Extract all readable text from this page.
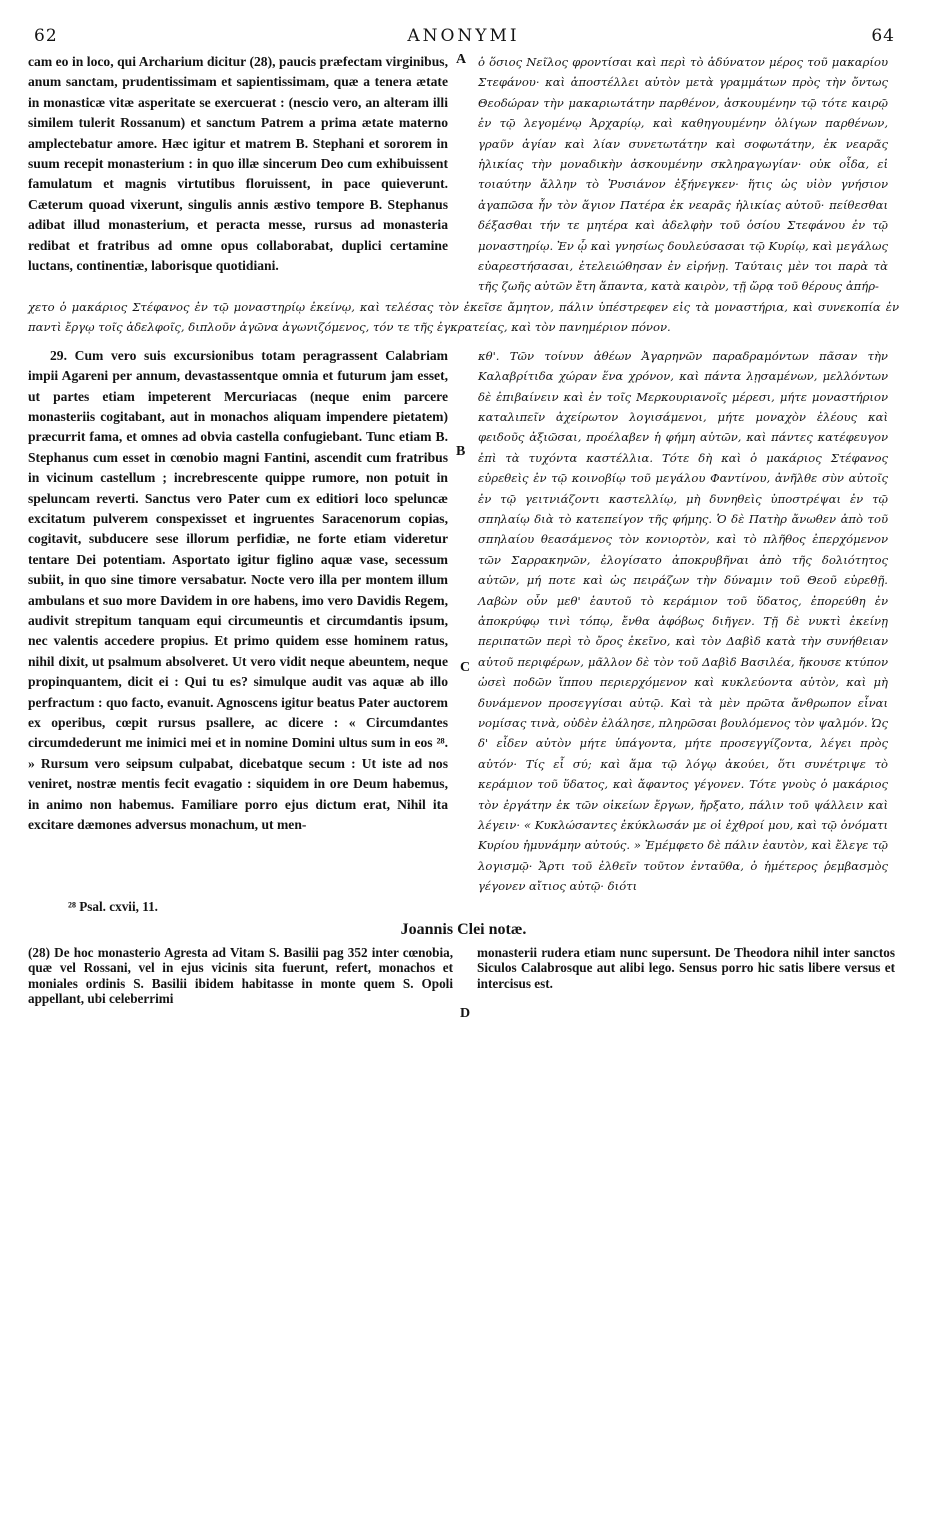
62	ANONYMI	64

cam eo in loco, qui Archarium dicitur (28), paucis præfectam virginibus, anum sanctam, prudentissimam et sapientissimam, quæ a tenera ætate in monasticæ vitæ asperitate se exercuerat : (nescio vero, an alteram illi similem tulerit Rossanum) et sanctum Patrem a prima ætate materno amplectebatur amore. Hæc igitur et matrem B. Stephani et sororem in suum recepit monasterium : in quo illæ sincerum Deo cum exhibuissent famulatum et magnis virtutibus floruissent, in pace quieverunt. Cæterum quoad vixerunt, singulis annis æstivo tempore B. Stephanus adibat illud monasterium, et peracta messe, rursus ad monasteria redibat et fratribus ad omne opus collaborabat, duplici certamine luctans, continentiæ, laborisque quotidiani.

A
B

ὁ ὅσιος Νεῖλος φροντίσαι καὶ περὶ τὸ ἀδύνατον μέρος τοῦ μακαρίου Στεφάνου· καὶ ἀποστέλλει αὐτὸν μετὰ γραμμάτων πρὸς τὴν ὄντως Θεοδώραν τὴν μακαριωτάτην παρθένον, ἀσκουμένην τῷ τότε καιρῷ ἐν τῷ λεγομένῳ Ἀρχαρίῳ, καὶ καθηγουμένην ὀλίγων παρθένων, γραῦν ἁγίαν καὶ λίαν συνετωτάτην καὶ σοφωτάτην, ἐκ νεαρᾶς ἡλικίας τὴν μοναδικὴν ἀσκουμένην σκληραγωγίαν· οὐκ οἶδα, εἰ τοιαύτην ἄλλην τὸ Ῥυσιάνον ἐξήνεγκεν· ἥτις ὡς υἱὸν γνήσιον ἀγαπῶσα ἦν τὸν ἅγιον Πατέρα ἐκ νεαρᾶς ἡλικίας αὐτοῦ· πείθεσθαι δέξασθαι τήν τε μητέρα καὶ ἀδελφὴν τοῦ ὁσίου Στεφάνου ἐν τῷ μοναστηρίῳ. Ἐν ᾧ καὶ γνησίως δουλεύσασαι τῷ Κυρίῳ, καὶ μεγάλως εὐαρεστήσασαι, ἐτελειώθησαν ἐν εἰρήνῃ. Ταύταις μὲν τοι παρὰ τὰ τῆς ζωῆς αὐτῶν ἔτη ἅπαντα, κατὰ καιρὸν, τῇ ὥρᾳ τοῦ θέρους ἀπήρ-

χετο ὁ μακάριος Στέφανος ἐν τῷ μοναστηρίῳ ἐκείνῳ, καὶ τελέσας τὸν ἐκεῖσε ἄμητον, πάλιν ὑπέστρεφεν εἰς τὰ μοναστήρια, καὶ συνεκοπία ἐν παντὶ ἔργῳ τοῖς ἀδελφοῖς, διπλοῦν ἀγῶνα ἀγωνιζόμενος, τόν τε τῆς ἐγκρατείας, καὶ τὸν πανημέριον πόνον.

29. Cum vero suis excursionibus totam peragrassent Calabriam impii Agareni per annum, devastassentque omnia et futurum jam esset, ut partes etiam impeterent Mercuriacas (neque enim parcere monasteriis cogitabant, aut in monachos aliquam impendere pietatem) præcurrit fama, et omnes ad obvia castella confugiebant. Tunc etiam B. Stephanus cum esset in cœnobio magni Fantini, ascendit cum fratribus in vicinum castellum ; increbrescente quippe rumore, non potuit in speluncam reverti. Sanctus vero Pater cum ex editiori loco speluncæ excitatum pulverem conspexisset et ingruentes Saracenorum copias, cogitavit, subducere sese illorum perfidiæ, ne forte etiam videretur tentare Dei potentiam. Asportato igitur figlino aquæ vase, secessum subiit, in quo sine timore versabatur. Nocte vero illa per montem illum ambulans et suo more Davidem in ore habens, imo vero Davidis Regem, audivit strepitum tanquam equi circumeuntis et circumdantis ipsum, nec valentis accedere propius. Et primo quidem esse hominem ratus, nihil dixit, ut psalmum absolveret. Ut vero vidit neque abeuntem, neque propinquantem, dicit ei : Qui tu es? simulque audit vas aquæ ab illo perfractum : quo facto, evanuit. Agnoscens igitur beatus Pater auctorem ex operibus, cœpit rursus psallere, ac dicere : « Circumdantes circumdederunt me inimici mei et in nomine Domini ultus sum in eos ²⁸. » Rursum vero seipsum culpabat, dicebatque secum : Ut iste ad nos veniret, nostræ mentis fecit evagatio : siquidem in ore Deum habemus, in animo non habemus. Familiare porro ejus dictum erat, Nihil ita excitare dæmones adversus monachum, ut men-

C
D

κθ'. Τῶν τοίνυν ἀθέων Ἀγαρηνῶν παραδραμόντων πᾶσαν τὴν Καλαβρίτιδα χώραν ἕνα χρόνον, καὶ πάντα λῃσαμένων, μελλόντων δὲ ἐπιβαίνειν καὶ ἐν τοῖς Μερκουριανοῖς μέρεσι, μήτε μοναστήριον καταλιπεῖν ἀχείρωτον λογισάμενοι, μήτε μοναχὸν ἐλέους καὶ φειδοῦς ἀξιῶσαι, προέλαβεν ἡ φήμη αὐτῶν, καὶ πάντες κατέφευγον ἐπὶ τὰ τυχόντα καστέλλια. Τότε δὴ καὶ ὁ μακάριος Στέφανος εὑρεθεὶς ἐν τῷ κοινοβίῳ τοῦ μεγάλου Φαντίνου, ἀνῆλθε σὺν αὐτοῖς ἐν τῷ γειτνιάζοντι καστελλίῳ, μὴ δυνηθεὶς ὑποστρέψαι ἐν τῷ σπηλαίῳ διὰ τὸ κατεπείγον τῆς φήμης. Ὁ δὲ Πατὴρ ἄνωθεν ἀπὸ τοῦ σπηλαίου θεασάμενος τὸν κονιορτὸν, καὶ τὸ πλῆθος ἐπερχόμενον τῶν Σαρρακηνῶν, ἐλογίσατο ἀποκρυβῆναι ἀπὸ τῆς δολιότητος αὐτῶν, μή ποτε καὶ ὡς πειράζων τὴν δύναμιν τοῦ Θεοῦ εὑρεθῇ. Λαβὼν οὖν μεθ' ἑαυτοῦ τὸ κεράμιον τοῦ ὕδατος, ἐπορεύθη ἐν ἀποκρύφῳ τινὶ τόπῳ, ἔνθα ἀφόβως διῆγεν. Τῇ δὲ νυκτὶ ἐκείνῃ περιπατῶν περὶ τὸ ὄρος ἐκεῖνο, καὶ τὸν Δαβὶδ κατὰ τὴν συνήθειαν αὐτοῦ περιφέρων, μᾶλλον δὲ τὸν τοῦ Δαβὶδ Βασιλέα, ἤκουσε κτύπον ὡσεὶ ποδῶν ἵππου περιερχόμενον καὶ κυκλεύοντα αὐτὸν, καὶ μὴ δυνάμενον προσεγγίσαι αὐτῷ. Καὶ τὰ μὲν πρῶτα ἄνθρωπον εἶναι νομίσας τινὰ, οὐδὲν ἐλάλησε, πληρῶσαι βουλόμενος τὸν ψαλμόν. Ὡς δ' εἶδεν αὐτὸν μήτε ὑπάγοντα, μήτε προσεγγίζοντα, λέγει πρὸς αὐτόν· Τίς εἶ σύ; καὶ ἅμα τῷ λόγῳ ἀκούει, ὅτι συνέτριψε τὸ κεράμιον τοῦ ὕδατος, καὶ ἄφαντος γέγονεν. Τότε γνοὺς ὁ μακάριος τὸν ἐργάτην ἐκ τῶν οἰκείων ἔργων, ἤρξατο, πάλιν τοῦ ψάλλειν καὶ λέγειν· « Κυκλώσαντες ἐκύκλωσάν με οἱ ἐχθροί μου, καὶ τῷ ὀνόματι Κυρίου ἠμυνάμην αὐτούς. » Ἐμέμφετο δὲ πάλιν ἑαυτὸν, καὶ ἔλεγε τῷ λογισμῷ· Ἄρτι τοῦ ἐλθεῖν τοῦτον ἐνταῦθα, ὁ ἡμέτερος ῥεμβασμὸς γέγονεν αἴτιος αὐτῷ· διότι

²⁸ Psal. cxvii, 11.

Joannis Clei notæ.

(28) De hoc monasterio Agresta ad Vitam S. Basilii pag 352 inter cœnobia, quæ vel Rossani, vel in ejus vicinis sita fuerunt, refert, monachos et moniales ordinis S. Basilii ibidem habitasse in monte quem S. Opoli appellant, ubi celeberrimi

monasterii rudera etiam nunc supersunt. De Theodora nihil inter sanctos Siculos Calabrosque aut alibi lego. Sensus porro hic satis libere versus et intercisus est.
